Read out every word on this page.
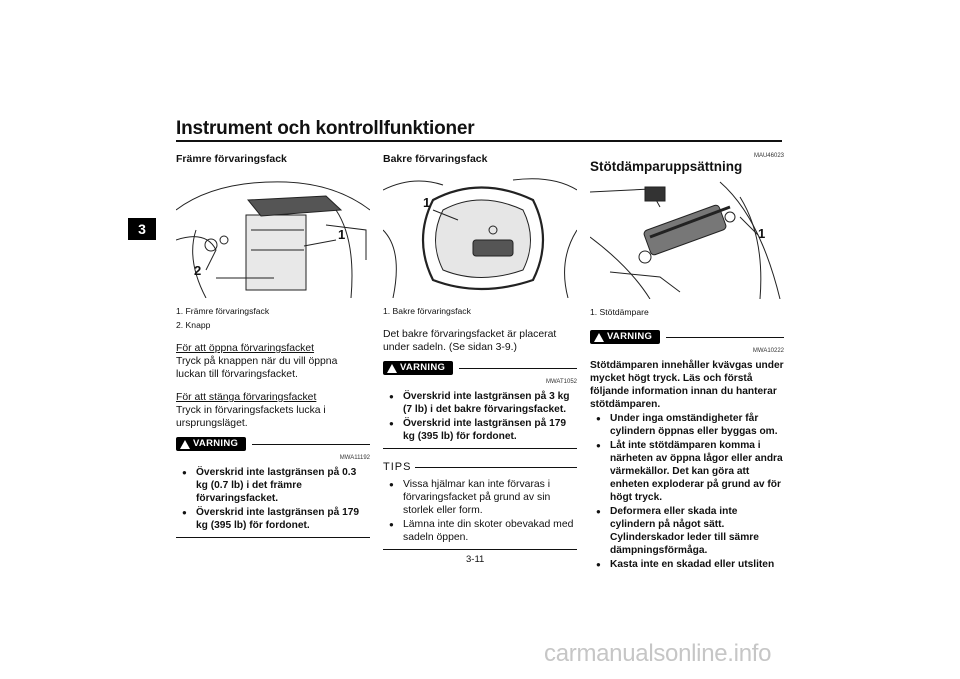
Instrument och kontrollfunktioner
3
Främre förvaringsfack
1
2
1. Främre förvaringsfack
2. Knapp

För att öppna förvaringsfacket

Tryck på knappen när du vill öppna luckan till förvaringsfacket.

För att stänga förvaringsfacket

Tryck in förvaringsfackets lucka i ursprungsläget.

VARNING
MWA11192
● Överskrid inte lastgränsen på 0.3 kg (0.7 lb) i det främre förvaringsfacket.
● Överskrid inte lastgränsen på 179 kg (395 lb) för fordonet.
Bakre förvaringsfack
1
1. Bakre förvaringsfack

Det bakre förvaringsfacket är placerat under sadeln. (Se sidan 3-9.)

VARNING
MWAT1052
● Överskrid inte lastgränsen på 3 kg (7 lb) i det bakre förvaringsfacket.
● Överskrid inte lastgränsen på 179 kg (395 lb) för fordonet.
TIPS
● Vissa hjälmar kan inte förvaras i förvaringsfacket på grund av sin storlek eller form.
● Lämna inte din skoter obevakad med sadeln öppen.
MAU46023
Stötdämparuppsättning
1
1. Stötdämpare
VARNING
MWA10222

Stötdämparen innehåller kvävgas under mycket högt tryck. Läs och förstå följande information innan du hanterar stötdämparen.

● Under inga omständigheter får cylindern öppnas eller byggas om.
● Låt inte stötdämparen komma i närheten av öppna lågor eller andra värmekällor. Det kan göra att enheten exploderar på grund av för högt tryck.
● Deformera eller skada inte cylindern på något sätt. Cylinderskador leder till sämre dämpningsförmåga.
● Kasta inte en skadad eller utsliten
3-11
carmanualsonline.info
